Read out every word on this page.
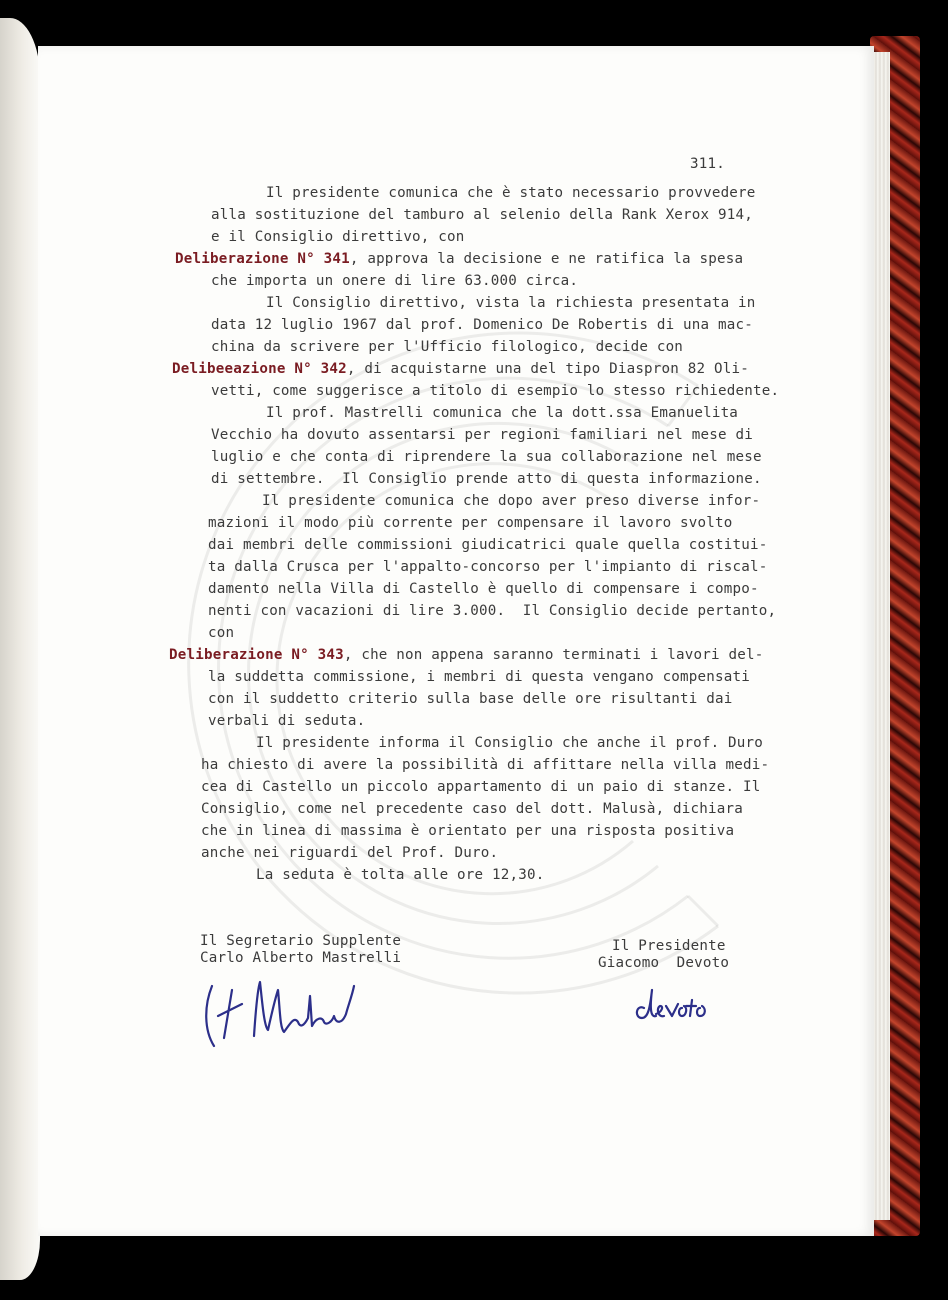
311.
Il presidente comunica che è stato necessario provvedere
alla sostituzione del tamburo al selenio della Rank Xerox 914,
e il Consiglio direttivo, con
Deliberazione N° 341, approva la decisione e ne ratifica la spesa
che importa un onere di lire 63.000 circa.
Il Consiglio direttivo, vista la richiesta presentata in
data 12 luglio 1967 dal prof. Domenico De Robertis di una mac-
china da scrivere per l'Ufficio filologico, decide con
Delibeeazione N° 342, di acquistarne una del tipo Diaspron 82 Oli-
vetti, come suggerisce a titolo di esempio lo stesso richiedente.
Il prof. Mastrelli comunica che la dott.ssa Emanuelita
Vecchio ha dovuto assentarsi per regioni familiari nel mese di
luglio e che conta di riprendere la sua collaborazione nel mese
di settembre.  Il Consiglio prende atto di questa informazione.
Il presidente comunica che dopo aver preso diverse infor-
mazioni il modo più corrente per compensare il lavoro svolto
dai membri delle commissioni giudicatrici quale quella costitui-
ta dalla Crusca per l'appalto-concorso per l'impianto di riscal-
damento nella Villa di Castello è quello di compensare i compo-
nenti con vacazioni di lire 3.000.  Il Consiglio decide pertanto,
con
Deliberazione N° 343, che non appena saranno terminati i lavori del-
la suddetta commissione, i membri di questa vengano compensati
con il suddetto criterio sulla base delle ore risultanti dai
verbali di seduta.
Il presidente informa il Consiglio che anche il prof. Duro
ha chiesto di avere la possibilità di affittare nella villa medi-
cea di Castello un piccolo appartamento di un paio di stanze. Il
Consiglio, come nel precedente caso del dott. Malusà, dichiara
che in linea di massima è orientato per una risposta positiva
anche nei riguardi del Prof. Duro.
La seduta è tolta alle ore 12,30.
Il Segretario Supplente
Carlo Alberto Mastrelli
Il Presidente
Giacomo  Devoto
